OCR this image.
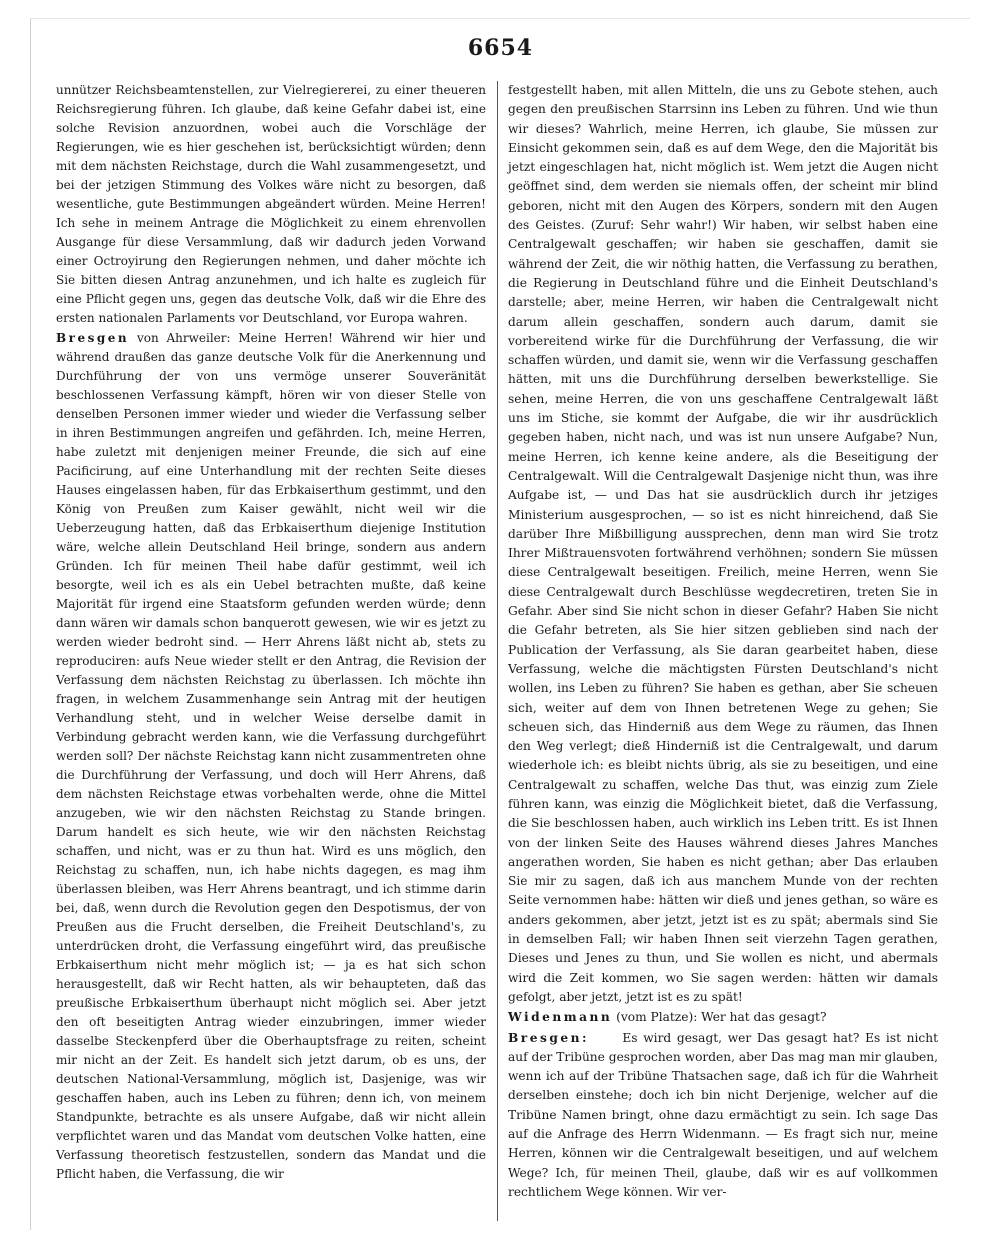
6654

unnützer Reichsbeamtenstellen, zur Vielregiererei, zu einer theueren Reichsregierung führen. Ich glaube, daß keine Gefahr dabei ist, eine solche Revision anzuordnen, wobei auch die Vorschläge der Regierungen, wie es hier geschehen ist, berücksichtigt würden; denn mit dem nächsten Reichstage, durch die Wahl zusammengesetzt, und bei der jetzigen Stimmung des Volkes wäre nicht zu besorgen, daß wesentliche, gute Bestimmungen abgeändert würden. Meine Herren! Ich sehe in meinem Antrage die Möglichkeit zu einem ehrenvollen Ausgange für diese Versammlung, daß wir dadurch jeden Vorwand einer Octroyirung den Regierungen nehmen, und daher möchte ich Sie bitten diesen Antrag anzunehmen, und ich halte es zugleich für eine Pflicht gegen uns, gegen das deutsche Volk, daß wir die Ehre des ersten nationalen Parlaments vor Deutschland, vor Europa wahren.

Bresgen von Ahrweiler: Meine Herren! Während wir hier und während draußen das ganze deutsche Volk für die Anerkennung und Durchführung der von uns vermöge unserer Souveränität beschlossenen Verfassung kämpft, hören wir von dieser Stelle von denselben Personen immer wieder und wieder die Verfassung selber in ihren Bestimmungen angreifen und gefährden. Ich, meine Herren, habe zuletzt mit denjenigen meiner Freunde, die sich auf eine Pacificirung, auf eine Unterhandlung mit der rechten Seite dieses Hauses eingelassen haben, für das Erbkaiserthum gestimmt, und den König von Preußen zum Kaiser gewählt, nicht weil wir die Ueberzeugung hatten, daß das Erbkaiserthum diejenige Institution wäre, welche allein Deutschland Heil bringe, sondern aus andern Gründen. Ich für meinen Theil habe dafür gestimmt, weil ich besorgte, weil ich es als ein Uebel betrachten mußte, daß keine Majorität für irgend eine Staatsform gefunden werden würde; denn dann wären wir damals schon banquerott gewesen, wie wir es jetzt zu werden wieder bedroht sind. — Herr Ahrens läßt nicht ab, stets zu reproduciren: aufs Neue wieder stellt er den Antrag, die Revision der Verfassung dem nächsten Reichstag zu überlassen. Ich möchte ihn fragen, in welchem Zusammenhange sein Antrag mit der heutigen Verhandlung steht, und in welcher Weise derselbe damit in Verbindung gebracht werden kann, wie die Verfassung durchgeführt werden soll? Der nächste Reichstag kann nicht zusammentreten ohne die Durchführung der Verfassung, und doch will Herr Ahrens, daß dem nächsten Reichstage etwas vorbehalten werde, ohne die Mittel anzugeben, wie wir den nächsten Reichstag zu Stande bringen. Darum handelt es sich heute, wie wir den nächsten Reichstag schaffen, und nicht, was er zu thun hat. Wird es uns möglich, den Reichstag zu schaffen, nun, ich habe nichts dagegen, es mag ihm überlassen bleiben, was Herr Ahrens beantragt, und ich stimme darin bei, daß, wenn durch die Revolution gegen den Despotismus, der von Preußen aus die Frucht derselben, die Freiheit Deutschland's, zu unterdrücken droht, die Verfassung eingeführt wird, das preußische Erbkaiserthum nicht mehr möglich ist; — ja es hat sich schon herausgestellt, daß wir Recht hatten, als wir behaupteten, daß das preußische Erbkaiserthum überhaupt nicht möglich sei. Aber jetzt den oft beseitigten Antrag wieder einzubringen, immer wieder dasselbe Steckenpferd über die Oberhauptsfrage zu reiten, scheint mir nicht an der Zeit. Es handelt sich jetzt darum, ob es uns, der deutschen National-Versammlung, möglich ist, Dasjenige, was wir geschaffen haben, auch ins Leben zu führen; denn ich, von meinem Standpunkte, betrachte es als unsere Aufgabe, daß wir nicht allein verpflichtet waren und das Mandat vom deutschen Volke hatten, eine Verfassung theoretisch festzustellen, sondern das Mandat und die Pflicht haben, die Verfassung, die wir

festgestellt haben, mit allen Mitteln, die uns zu Gebote stehen, auch gegen den preußischen Starrsinn ins Leben zu führen. Und wie thun wir dieses? Wahrlich, meine Herren, ich glaube, Sie müssen zur Einsicht gekommen sein, daß es auf dem Wege, den die Majorität bis jetzt eingeschlagen hat, nicht möglich ist. Wem jetzt die Augen nicht geöffnet sind, dem werden sie niemals offen, der scheint mir blind geboren, nicht mit den Augen des Körpers, sondern mit den Augen des Geistes. (Zuruf: Sehr wahr!) Wir haben, wir selbst haben eine Centralgewalt geschaffen; wir haben sie geschaffen, damit sie während der Zeit, die wir nöthig hatten, die Verfassung zu berathen, die Regierung in Deutschland führe und die Einheit Deutschland's darstelle; aber, meine Herren, wir haben die Centralgewalt nicht darum allein geschaffen, sondern auch darum, damit sie vorbereitend wirke für die Durchführung der Verfassung, die wir schaffen würden, und damit sie, wenn wir die Verfassung geschaffen hätten, mit uns die Durchführung derselben bewerkstellige. Sie sehen, meine Herren, die von uns geschaffene Centralgewalt läßt uns im Stiche, sie kommt der Aufgabe, die wir ihr ausdrücklich gegeben haben, nicht nach, und was ist nun unsere Aufgabe? Nun, meine Herren, ich kenne keine andere, als die Beseitigung der Centralgewalt. Will die Centralgewalt Dasjenige nicht thun, was ihre Aufgabe ist, — und Das hat sie ausdrücklich durch ihr jetziges Ministerium ausgesprochen, — so ist es nicht hinreichend, daß Sie darüber Ihre Mißbilligung aussprechen, denn man wird Sie trotz Ihrer Mißtrauensvoten fortwährend verhöhnen; sondern Sie müssen diese Centralgewalt beseitigen. Freilich, meine Herren, wenn Sie diese Centralgewalt durch Beschlüsse wegdecretiren, treten Sie in Gefahr. Aber sind Sie nicht schon in dieser Gefahr? Haben Sie nicht die Gefahr betreten, als Sie hier sitzen geblieben sind nach der Publication der Verfassung, als Sie daran gearbeitet haben, diese Verfassung, welche die mächtigsten Fürsten Deutschland's nicht wollen, ins Leben zu führen? Sie haben es gethan, aber Sie scheuen sich, weiter auf dem von Ihnen betretenen Wege zu gehen; Sie scheuen sich, das Hinderniß aus dem Wege zu räumen, das Ihnen den Weg verlegt; dieß Hinderniß ist die Centralgewalt, und darum wiederhole ich: es bleibt nichts übrig, als sie zu beseitigen, und eine Centralgewalt zu schaffen, welche Das thut, was einzig zum Ziele führen kann, was einzig die Möglichkeit bietet, daß die Verfassung, die Sie beschlossen haben, auch wirklich ins Leben tritt. Es ist Ihnen von der linken Seite des Hauses während dieses Jahres Manches angerathen worden, Sie haben es nicht gethan; aber Das erlauben Sie mir zu sagen, daß ich aus manchem Munde von der rechten Seite vernommen habe: hätten wir dieß und jenes gethan, so wäre es anders gekommen, aber jetzt, jetzt ist es zu spät; abermals sind Sie in demselben Fall; wir haben Ihnen seit vierzehn Tagen gerathen, Dieses und Jenes zu thun, und Sie wollen es nicht, und abermals wird die Zeit kommen, wo Sie sagen werden: hätten wir damals gefolgt, aber jetzt, jetzt ist es zu spät!

Widenmann (vom Platze): Wer hat das gesagt?

Bresgen:	Es wird gesagt, wer Das gesagt hat? Es ist nicht auf der Tribüne gesprochen worden, aber Das mag man mir glauben, wenn ich auf der Tribüne Thatsachen sage, daß ich für die Wahrheit derselben einstehe; doch ich bin nicht Derjenige, welcher auf die Tribüne Namen bringt, ohne dazu ermächtigt zu sein. Ich sage Das auf die Anfrage des Herrn Widenmann. — Es fragt sich nur, meine Herren, können wir die Centralgewalt beseitigen, und auf welchem Wege? Ich, für meinen Theil, glaube, daß wir es auf vollkommen rechtlichem Wege können. Wir ver-
